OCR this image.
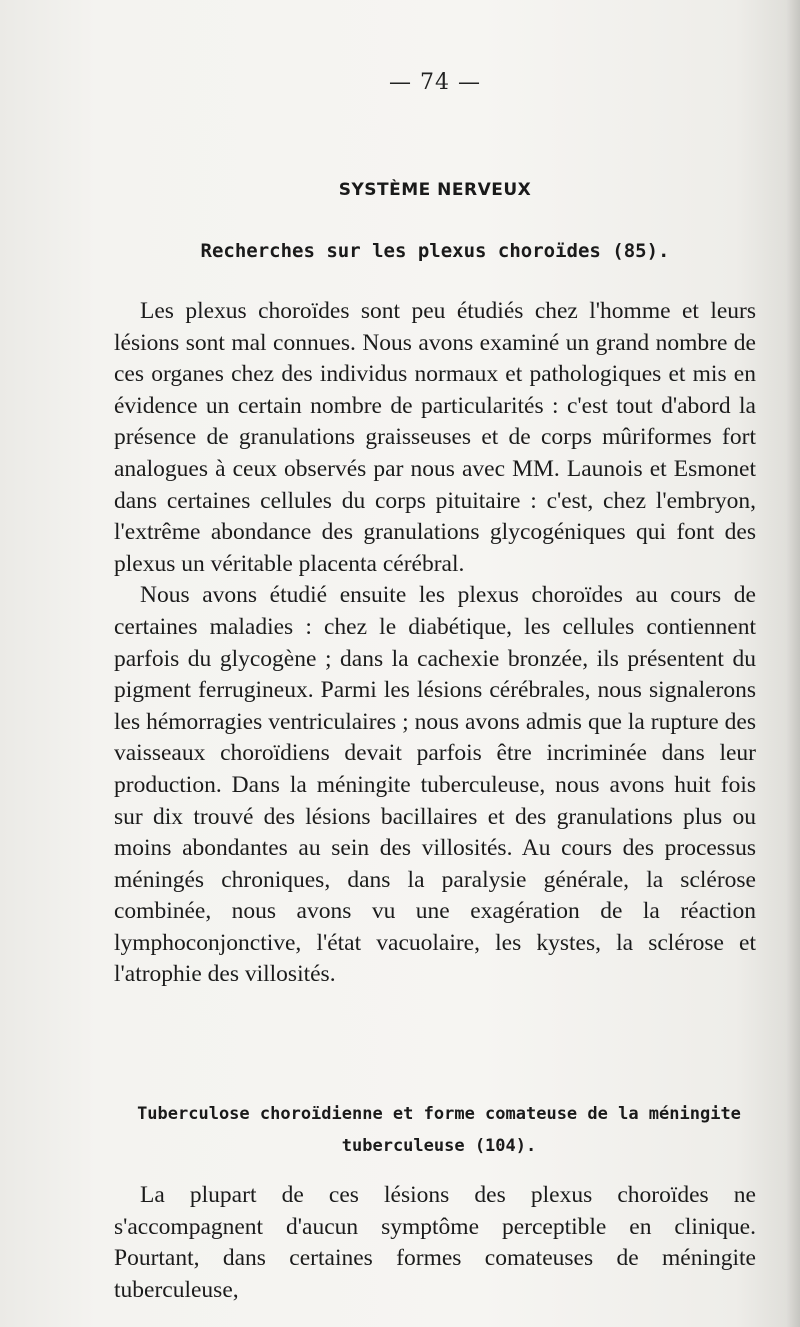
— 74 —
SYSTÈME NERVEUX
Recherches sur les plexus choroïdes (85).

Les plexus choroïdes sont peu étudiés chez l'homme et leurs lésions sont mal connues. Nous avons examiné un grand nombre de ces organes chez des individus normaux et pathologiques et mis en évidence un certain nombre de particularités : c'est tout d'abord la présence de granulations graisseuses et de corps mûriformes fort analogues à ceux observés par nous avec MM. Launois et Esmonet dans certaines cellules du corps pituitaire : c'est, chez l'embryon, l'extrême abondance des granulations glycogéniques qui font des plexus un véritable placenta cérébral.

Nous avons étudié ensuite les plexus choroïdes au cours de certaines maladies : chez le diabétique, les cellules contiennent parfois du glycogène ; dans la cachexie bronzée, ils présentent du pigment ferrugineux. Parmi les lésions cérébrales, nous signalerons les hémorragies ventriculaires ; nous avons admis que la rupture des vaisseaux choroïdiens devait parfois être incriminée dans leur production. Dans la méningite tuberculeuse, nous avons huit fois sur dix trouvé des lésions bacillaires et des granulations plus ou moins abondantes au sein des villosités. Au cours des processus méningés chroniques, dans la paralysie générale, la sclérose combinée, nous avons vu une exagération de la réaction lymphoconjonctive, l'état vacuolaire, les kystes, la sclérose et l'atrophie des villosités.

Tuberculose choroïdienne et forme comateuse de la méningite
tuberculeuse (104).

La plupart de ces lésions des plexus choroïdes ne s'accompagnent d'aucun symptôme perceptible en clinique. Pourtant, dans certaines formes comateuses de méningite tuberculeuse,
